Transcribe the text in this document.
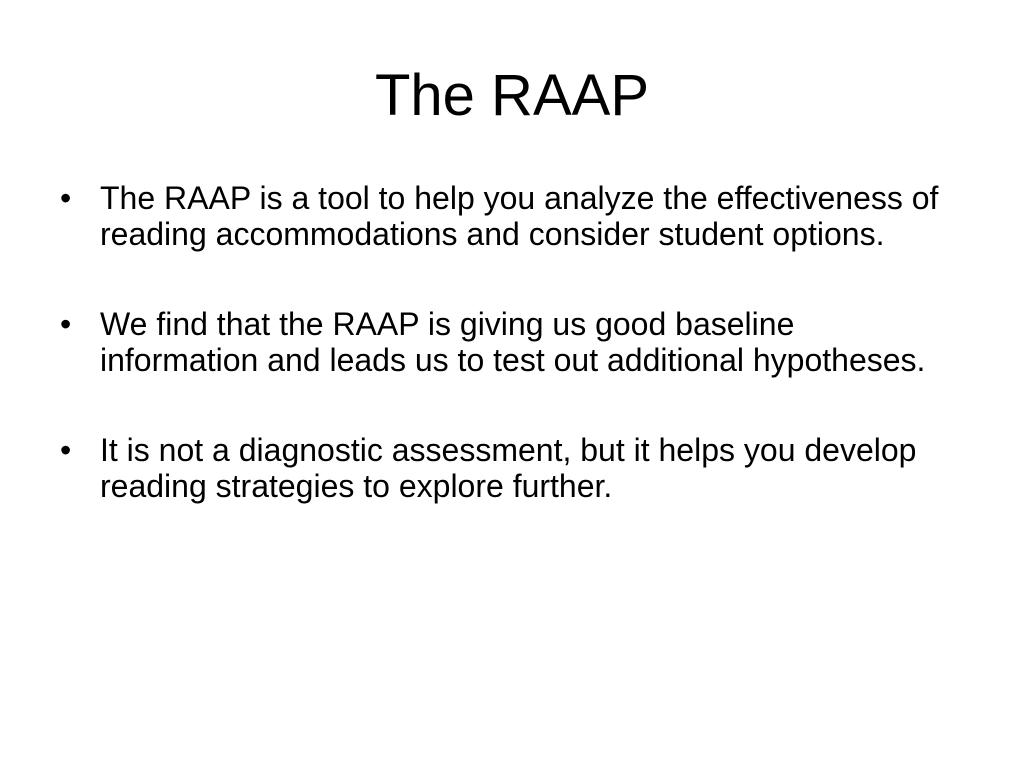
The RAAP
• The RAAP is a tool to help you analyze the effectiveness of reading accommodations and consider student options.
• We find that the RAAP is giving us good baseline information and leads us to test out additional hypotheses.
• It is not a diagnostic assessment, but it helps you develop reading strategies to explore further.
